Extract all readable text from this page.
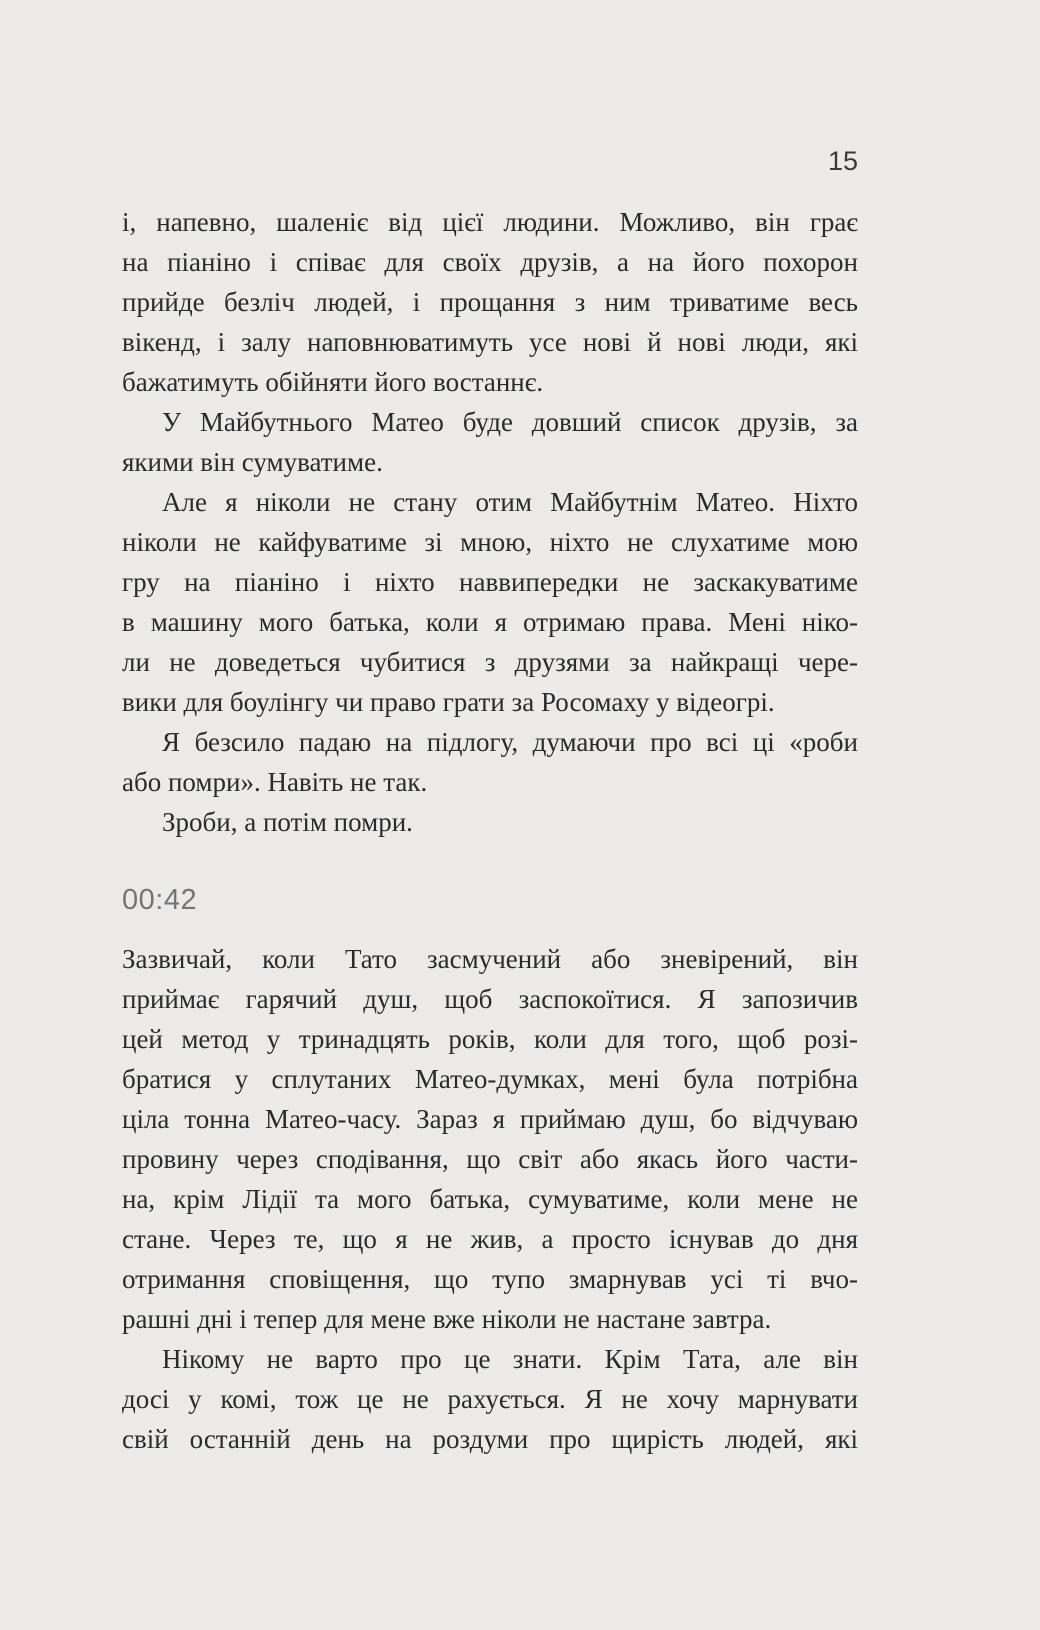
15
і, напевно, шаленіє від цієї людини. Можливо, він грає
на піаніно і співає для своїх друзів, а на його похорон
прийде безліч людей, і прощання з ним триватиме весь
вікенд, і залу наповнюватимуть усе нові й нові люди, які
бажатимуть обійняти його востаннє.
У Майбутнього Матео буде довший список друзів, за
якими він сумуватиме.
Але я ніколи не стану отим Майбутнім Матео. Ніхто
ніколи не кайфуватиме зі мною, ніхто не слухатиме мою
гру на піаніно і ніхто наввипередки не заскакуватиме
в машину мого батька, коли я отримаю права. Мені ніко-
ли не доведеться чубитися з друзями за найкращі чере-
вики для боулінгу чи право грати за Росомаху у відеогрі.
Я безсило падаю на підлогу, думаючи про всі ці «роби
або помри». Навіть не так.
Зроби, а потім помри.
00:42
Зазвичай, коли Тато засмучений або зневірений, він
приймає гарячий душ, щоб заспокоїтися. Я запозичив
цей метод у тринадцять років, коли для того, щоб розі-
братися у сплутаних Матео-думках, мені була потрібна
ціла тонна Матео-часу. Зараз я приймаю душ, бо відчуваю
провину через сподівання, що світ або якась його части-
на, крім Лідії та мого батька, сумуватиме, коли мене не
стане. Через те, що я не жив, а просто існував до дня
отримання сповіщення, що тупо змарнував усі ті вчо-
рашні дні і тепер для мене вже ніколи не настане завтра.
Нікому не варто про це знати. Крім Тата, але він
досі у комі, тож це не рахується. Я не хочу марнувати
свій останній день на роздуми про щирість людей, які
